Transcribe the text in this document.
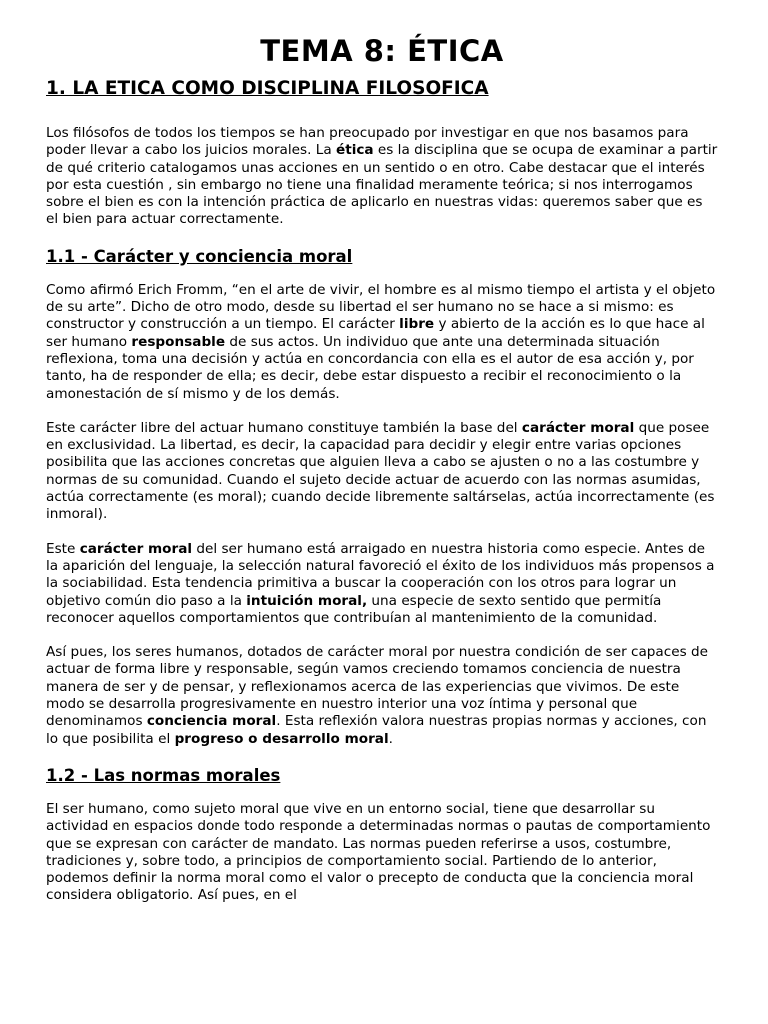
TEMA 8: ÉTICA
1. LA ETICA COMO DISCIPLINA FILOSOFICA

Los filósofos de todos los tiempos se han preocupado por investigar en que nos basamos para poder llevar a cabo los juicios morales. La ética es la disciplina que se ocupa de examinar a partir de qué criterio catalogamos unas acciones en un sentido o en otro. Cabe destacar que el interés por esta cuestión , sin embargo no tiene una finalidad meramente teórica; si nos interrogamos sobre el bien es con la intención práctica de aplicarlo en nuestras vidas: queremos saber que es el bien para actuar correctamente.

1.1 - Carácter y conciencia moral

Como afirmó Erich Fromm, “en el arte de vivir, el hombre es al mismo tiempo el artista y el objeto de su arte”. Dicho de otro modo, desde su libertad el ser humano no se hace a si mismo: es constructor y construcción a un tiempo. El carácter libre y abierto de la acción es lo que hace al ser humano responsable de sus actos. Un individuo que ante una determinada situación reflexiona, toma una decisión y actúa en concordancia con ella es el autor de esa acción y, por tanto, ha de responder de ella; es decir, debe estar dispuesto a recibir el reconocimiento o la amonestación de sí mismo y de los demás.

Este carácter libre del actuar humano constituye también la base del carácter moral que posee en exclusividad. La libertad, es decir, la capacidad para decidir y elegir entre varias opciones posibilita que las acciones concretas que alguien lleva a cabo se ajusten o no a las costumbre y normas de su comunidad. Cuando el sujeto decide actuar de acuerdo con las normas asumidas, actúa correctamente (es moral); cuando decide libremente saltárselas, actúa incorrectamente (es inmoral).

Este carácter moral del ser humano está arraigado en nuestra historia como especie. Antes de la aparición del lenguaje, la selección natural favoreció el éxito de los individuos más propensos a la sociabilidad. Esta tendencia primitiva a buscar la cooperación con los otros para lograr un objetivo común dio paso a la intuición moral, una especie de sexto sentido que permitía reconocer aquellos comportamientos que contribuían al mantenimiento de la comunidad.

Así pues, los seres humanos, dotados de carácter moral por nuestra condición de ser capaces de actuar de forma libre y responsable, según vamos creciendo tomamos conciencia de nuestra manera de ser y de pensar, y reflexionamos acerca de las experiencias que vivimos. De este modo se desarrolla progresivamente en nuestro interior una voz íntima y personal que denominamos conciencia moral. Esta reflexión valora nuestras propias normas y acciones, con lo que posibilita el progreso o desarrollo moral.

1.2 - Las normas morales

El ser humano, como sujeto moral que vive en un entorno social, tiene que desarrollar su actividad en espacios donde todo responde a determinadas normas o pautas de comportamiento que se expresan con carácter de mandato. Las normas pueden referirse a usos, costumbre, tradiciones y, sobre todo, a principios de comportamiento social. Partiendo de lo anterior, podemos definir la norma moral como el valor o precepto de conducta que la conciencia moral considera obligatorio. Así pues, en el
